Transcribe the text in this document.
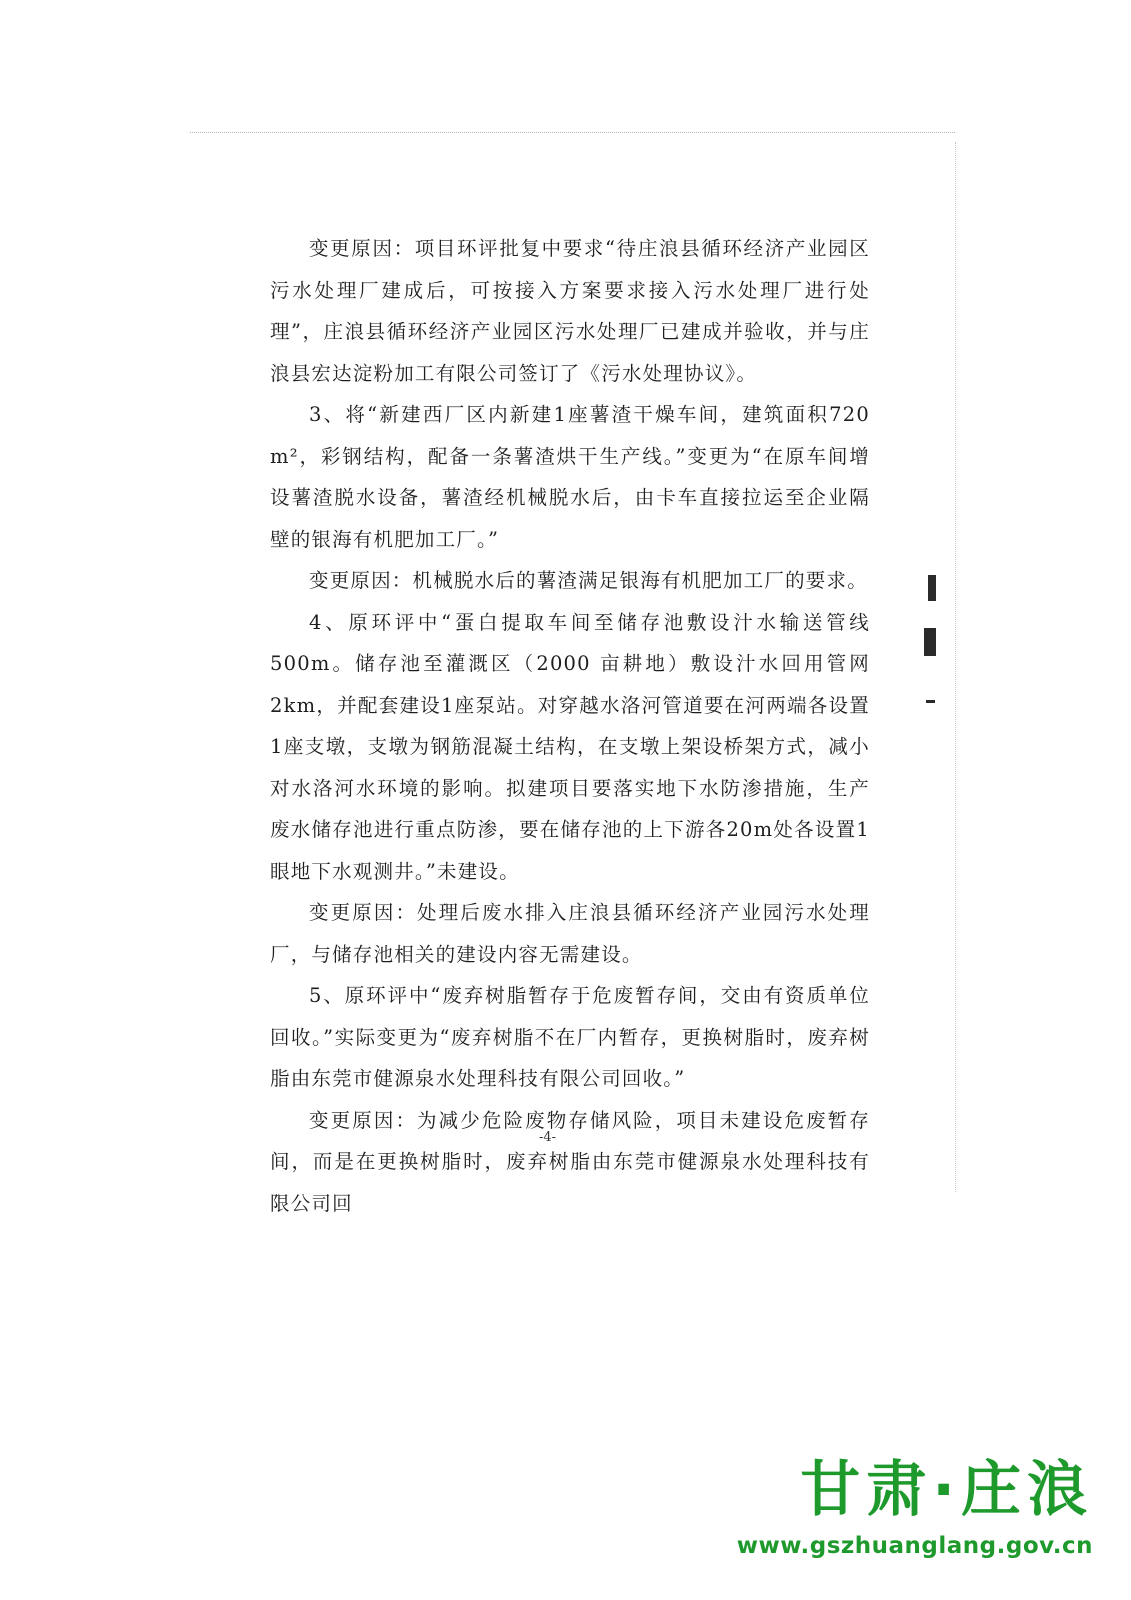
变更原因：项目环评批复中要求“待庄浪县循环经济产业园区污水处理厂建成后，可按接入方案要求接入污水处理厂进行处理”，庄浪县循环经济产业园区污水处理厂已建成并验收，并与庄浪县宏达淀粉加工有限公司签订了《污水处理协议》。

3、将“新建西厂区内新建1座薯渣干燥车间，建筑面积720 m²，彩钢结构，配备一条薯渣烘干生产线。”变更为“在原车间增设薯渣脱水设备，薯渣经机械脱水后，由卡车直接拉运至企业隔壁的银海有机肥加工厂。”

变更原因：机械脱水后的薯渣满足银海有机肥加工厂的要求。

4、原环评中“蛋白提取车间至储存池敷设汁水输送管线 500m。储存池至灌溉区（2000 亩耕地）敷设汁水回用管网 2km，并配套建设1座泵站。对穿越水洛河管道要在河两端各设置1座支墩，支墩为钢筋混凝土结构，在支墩上架设桥架方式，减小对水洛河水环境的影响。拟建项目要落实地下水防渗措施，生产废水储存池进行重点防渗，要在储存池的上下游各20m处各设置1眼地下水观测井。”未建设。

变更原因：处理后废水排入庄浪县循环经济产业园污水处理厂，与储存池相关的建设内容无需建设。

5、原环评中“废弃树脂暂存于危废暂存间，交由有资质单位回收。”实际变更为“废弃树脂不在厂内暂存，更换树脂时，废弃树脂由东莞市健源泉水处理科技有限公司回收。”

变更原因：为减少危险废物存储风险，项目未建设危废暂存间，而是在更换树脂时，废弃树脂由东莞市健源泉水处理科技有限公司回

-4-
甘肃·庄浪
www.gszhuanglang.gov.cn
